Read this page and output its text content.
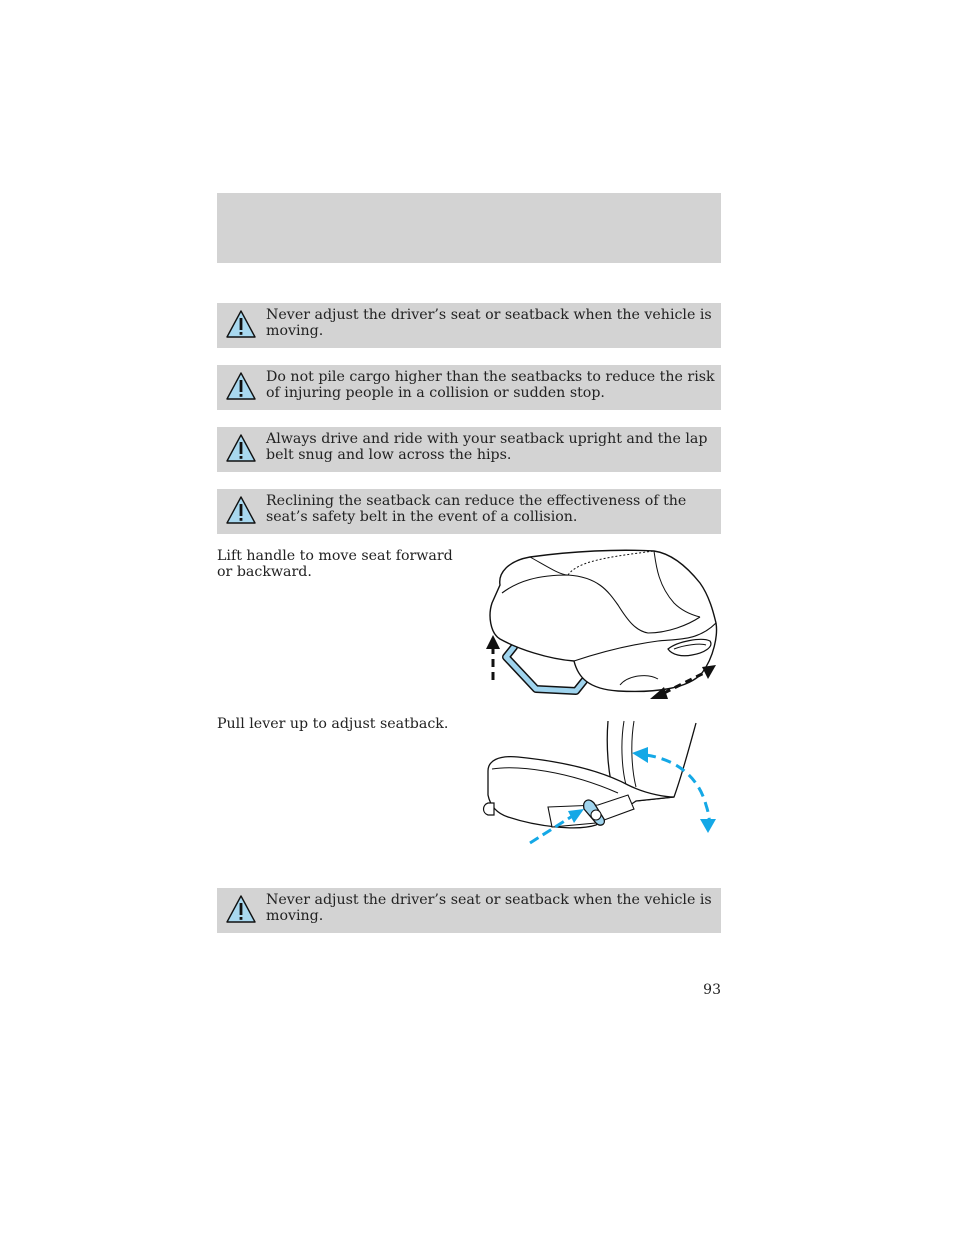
Never adjust the driver’s seat or seatback when the vehicle is moving.
Do not pile cargo higher than the seatbacks to reduce the risk of injuring people in a collision or sudden stop.
Always drive and ride with your seatback upright and the lap belt snug and low across the hips.
Reclining the seatback can reduce the effectiveness of the seat’s safety belt in the event of a collision.
Lift handle to move seat forward or backward.
Pull lever up to adjust seatback.
Never adjust the driver’s seat or seatback when the vehicle is moving.
93
